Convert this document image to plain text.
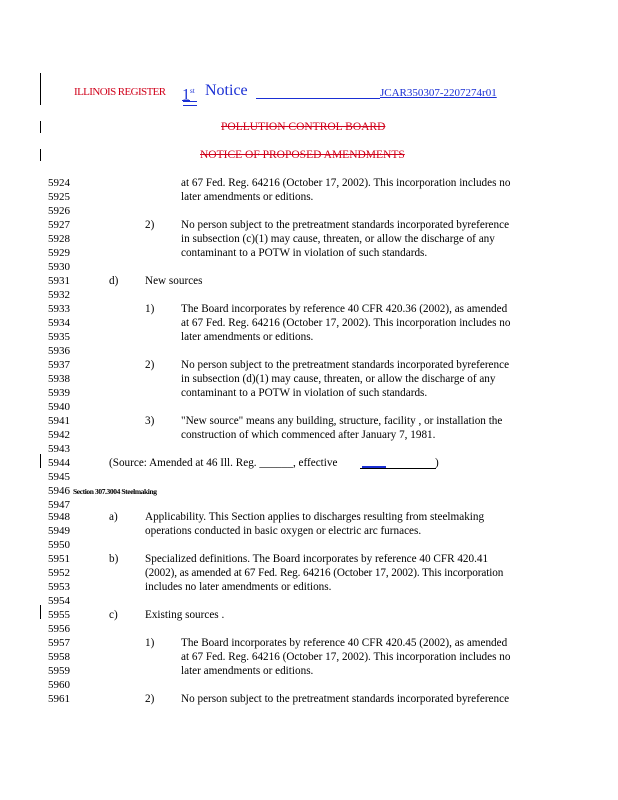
ILLINOIS REGISTER 1st Notice	JCAR350307-2207274r01
POLLUTION CONTROL BOARD
NOTICE OF PROPOSED AMENDMENTS
5924
5925
5926
5927
5928
5929
5930
5931
5932
5933
5934
5935
5936
5937
5938
5939
5940
5941
5942
5943
5944
5945
5946
5947
5948
5949
5950
5951
5952
5953
5954
5955
5956
5957
5958
5959
5960
5961
at 67 Fed. Reg. 64216 (October 17, 2002). This incorporation includes no
later amendments or editions.
2) No person subject to the pretreatment standards incorporated byreference
in subsection (c)(1) may cause, threaten, or allow the discharge of any
contaminant to a POTW in violation of such standards.
d) New sources
1) The Board incorporates by reference 40 CFR 420.36 (2002), as amended
at 67 Fed. Reg. 64216 (October 17, 2002). This incorporation includes no
later amendments or editions.
2) No person subject to the pretreatment standards incorporated byreference
in subsection (d)(1) may cause, threaten, or allow the discharge of any
contaminant to a POTW in violation of such standards.
3) "New source" means any building, structure, facility , or installation the
construction of which commenced after January 7, 1981.
(Source: Amended at 46 Ill. Reg. ______, effective	)
Section 307.3004 Steelmaking
a) Applicability. This Section applies to discharges resulting from steelmaking
operations conducted in basic oxygen or electric arc furnaces.
b) Specialized definitions. The Board incorporates by reference 40 CFR 420.41
(2002), as amended at 67 Fed. Reg. 64216 (October 17, 2002). This incorporation
includes no later amendments or editions.
c) Existing sources .
1) The Board incorporates by reference 40 CFR 420.45 (2002), as amended
at 67 Fed. Reg. 64216 (October 17, 2002). This incorporation includes no
later amendments or editions.
2) No person subject to the pretreatment standards incorporated byreference
